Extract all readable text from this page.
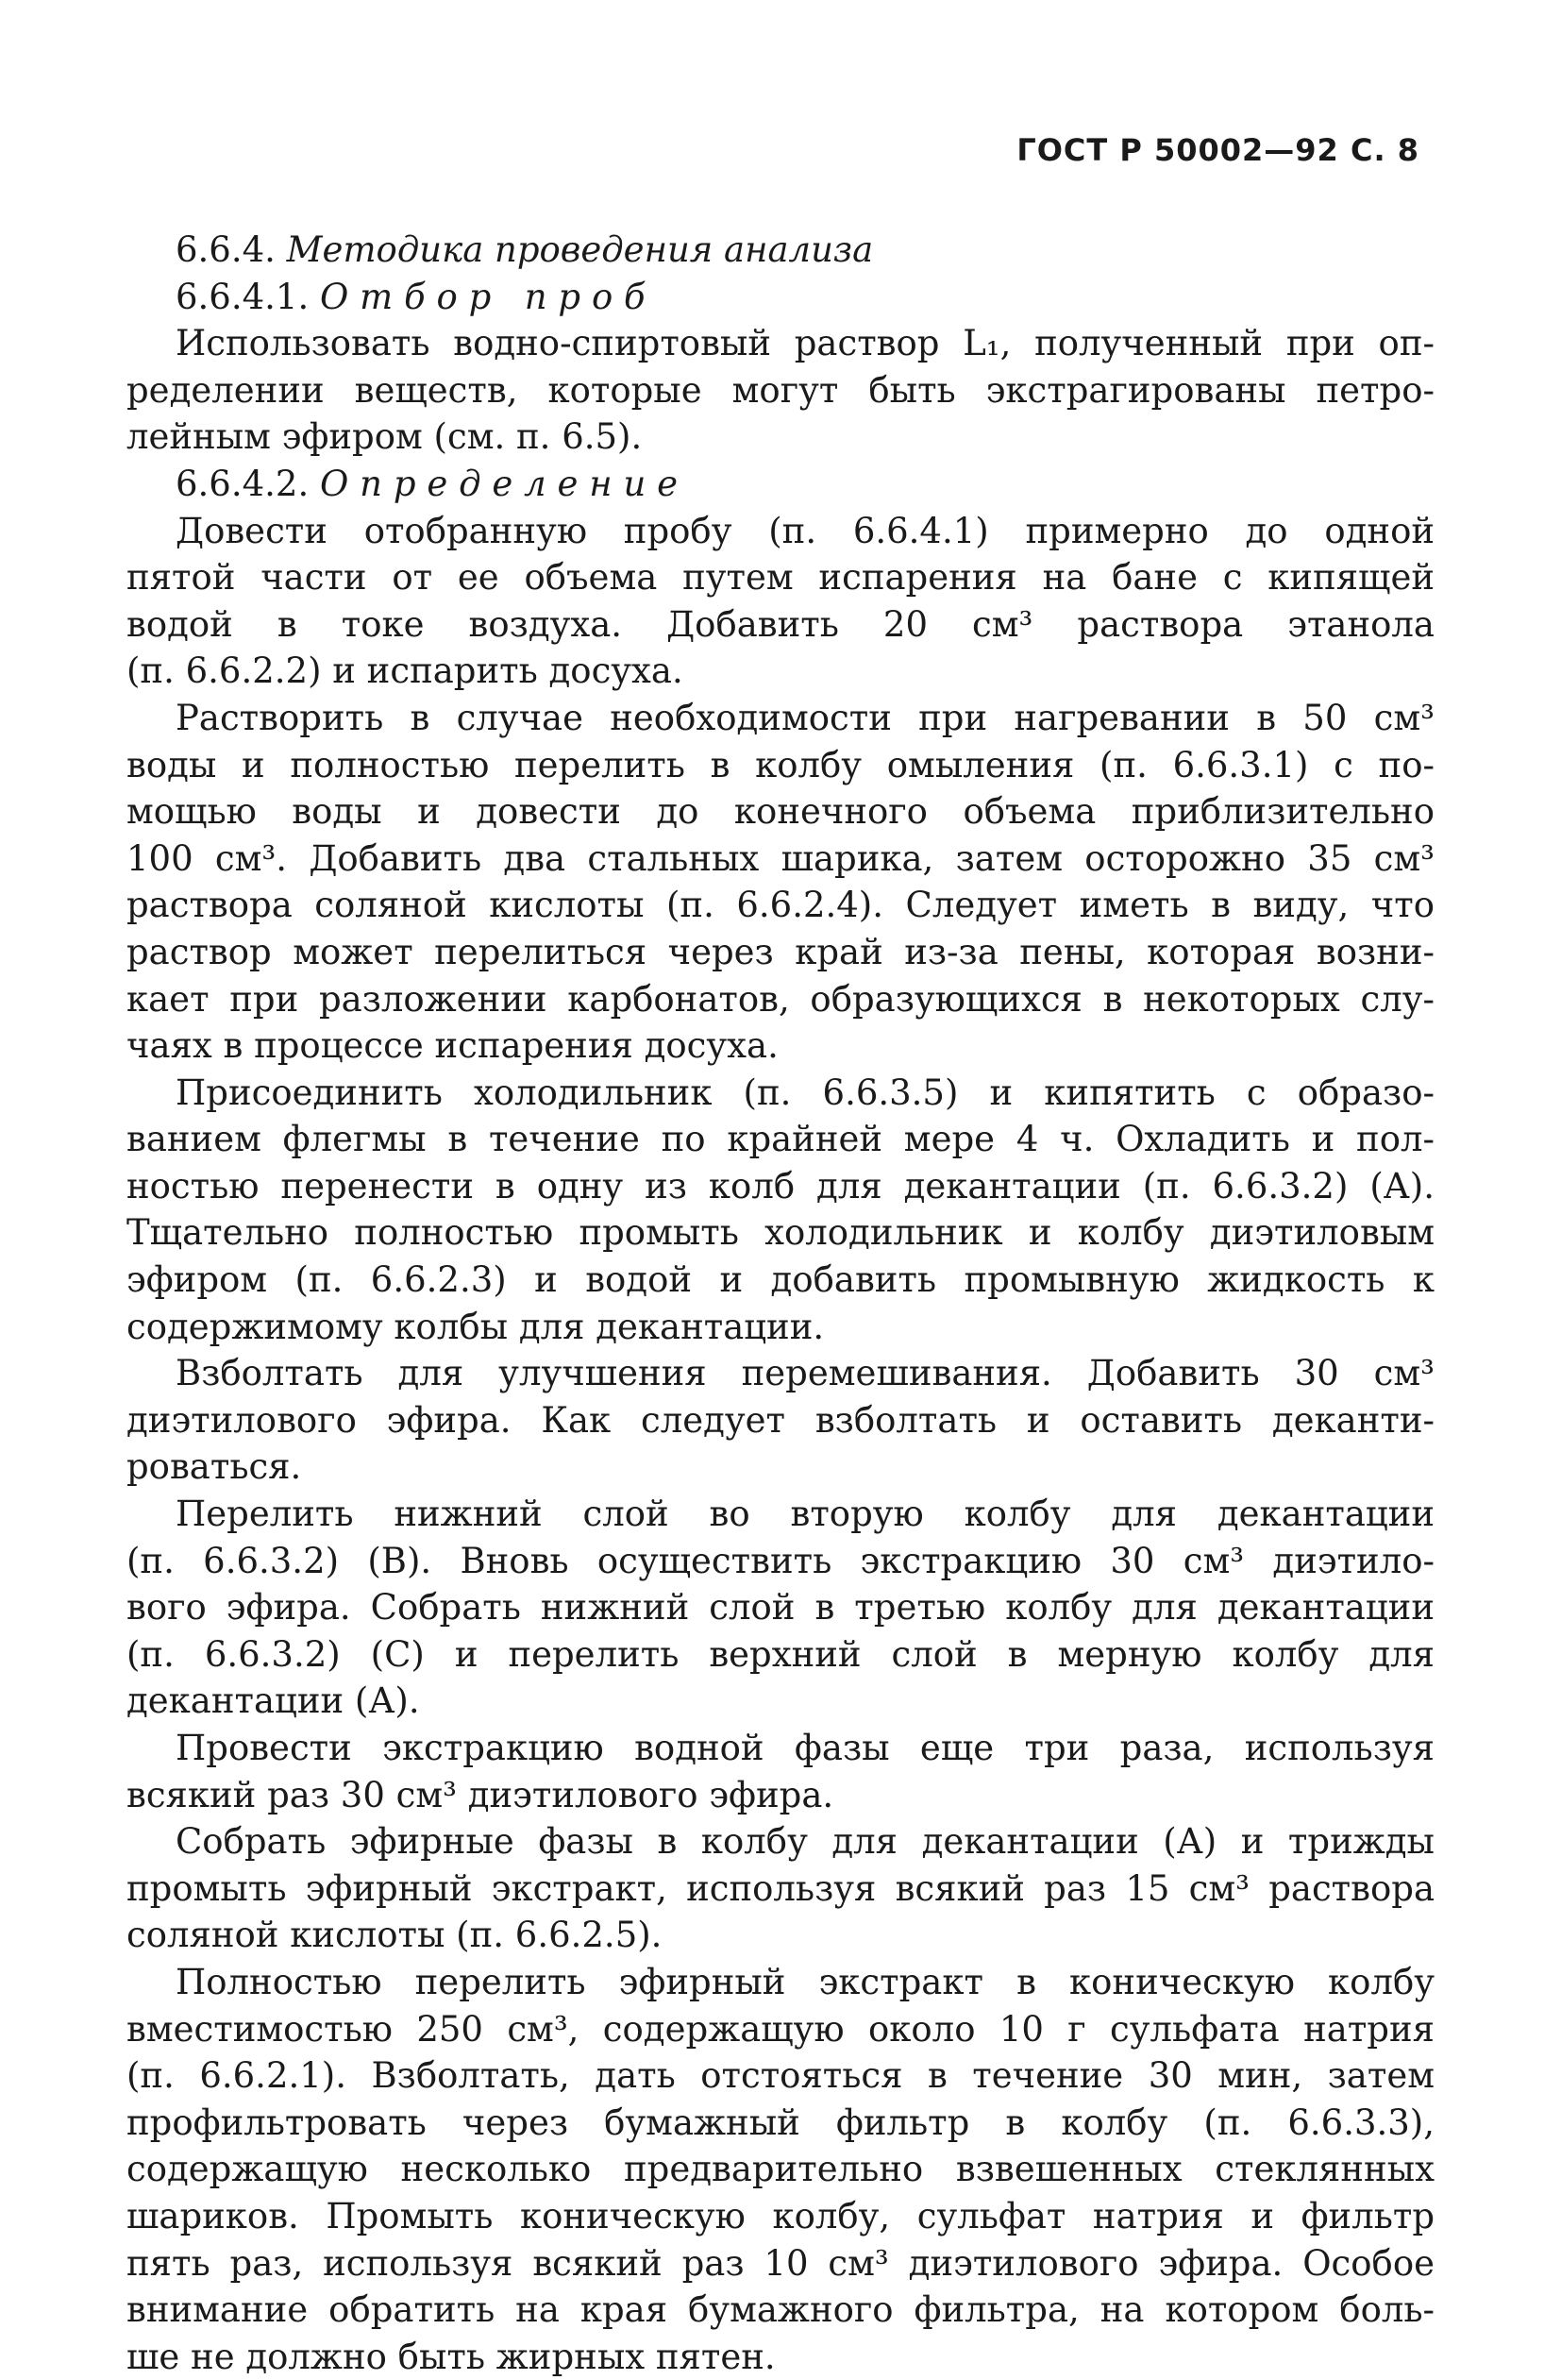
ГОСТ Р 50002—92 С. 8
6.6.4. Методика проведения анализа
6.6.4.1. Отбор проб
Использовать водно-спиртовый раствор L₁, полученный при оп-
ределении веществ, которые могут быть экстрагированы петро-
лейным эфиром (см. п. 6.5).
6.6.4.2. Определение
Довести отобранную пробу (п. 6.6.4.1) примерно до одной
пятой части от ее объема путем испарения на бане с кипящей
водой в токе воздуха. Добавить 20 см³ раствора этанола
(п. 6.6.2.2) и испарить досуха.
Растворить в случае необходимости при нагревании в 50 см³
воды и полностью перелить в колбу омыления (п. 6.6.3.1) с по-
мощью воды и довести до конечного объема приблизительно
100 см³. Добавить два стальных шарика, затем осторожно 35 см³
раствора соляной кислоты (п. 6.6.2.4). Следует иметь в виду, что
раствор может перелиться через край из-за пены, которая возни-
кает при разложении карбонатов, образующихся в некоторых слу-
чаях в процессе испарения досуха.
Присоединить холодильник (п. 6.6.3.5) и кипятить с образо-
ванием флегмы в течение по крайней мере 4 ч. Охладить и пол-
ностью перенести в одну из колб для декантации (п. 6.6.3.2) (А).
Тщательно полностью промыть холодильник и колбу диэтиловым
эфиром (п. 6.6.2.3) и водой и добавить промывную жидкость к
содержимому колбы для декантации.
Взболтать для улучшения перемешивания. Добавить 30 см³
диэтилового эфира. Как следует взболтать и оставить деканти-
роваться.
Перелить нижний слой во вторую колбу для декантации
(п. 6.6.3.2) (В). Вновь осуществить экстракцию 30 см³ диэтило-
вого эфира. Собрать нижний слой в третью колбу для декантации
(п. 6.6.3.2) (С) и перелить верхний слой в мерную колбу для
декантации (А).
Провести экстракцию водной фазы еще три раза, используя
всякий раз 30 см³ диэтилового эфира.
Собрать эфирные фазы в колбу для декантации (А) и трижды
промыть эфирный экстракт, используя всякий раз 15 см³ раствора
соляной кислоты (п. 6.6.2.5).
Полностью перелить эфирный экстракт в коническую колбу
вместимостью 250 см³, содержащую около 10 г сульфата натрия
(п. 6.6.2.1). Взболтать, дать отстояться в течение 30 мин, затем
профильтровать через бумажный фильтр в колбу (п. 6.6.3.3),
содержащую несколько предварительно взвешенных стеклянных
шариков. Промыть коническую колбу, сульфат натрия и фильтр
пять раз, используя всякий раз 10 см³ диэтилового эфира. Особое
внимание обратить на края бумажного фильтра, на котором боль-
ше не должно быть жирных пятен.
